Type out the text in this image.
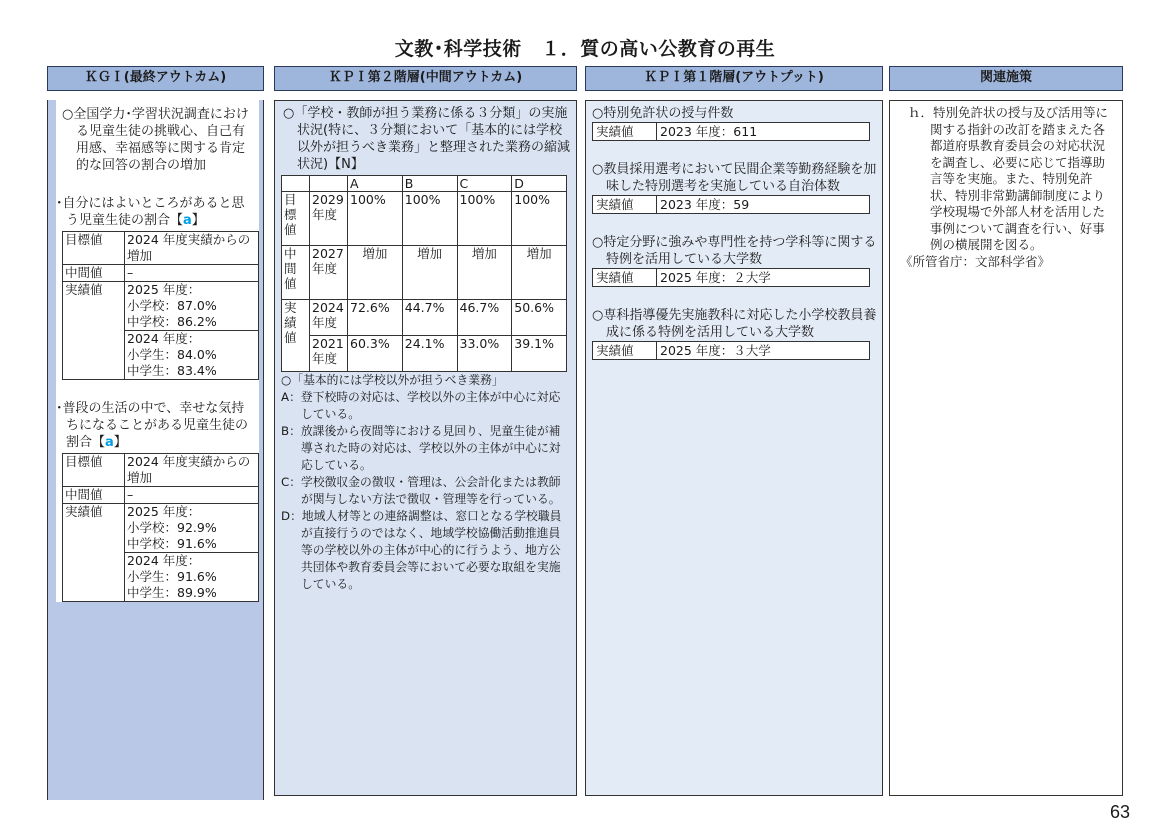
文教･科学技術　１．質の高い公教育の再生
ＫＧＩ(最終アウトカム)	ＫＰＩ第２階層(中間アウトカム)	ＫＰＩ第１階層(アウトプット)	関連施策
○全国学力･学習状況調査における児童生徒の挑戦心、自己有用感、幸福感等に関する肯定的な回答の割合の増加
･自分にはよいところがあると思う児童生徒の割合【a】
目標値	2024 年度実績からの増加
中間値	–
実績値	2025 年度：
小学校：87.0%
中学校：86.2%

	2024 年度：
小学生：84.0%
中学生：83.4%
･普段の生活の中で、幸せな気持ちになることがある児童生徒の割合【a】
目標値	2024 年度実績からの増加
中間値	–
実績値	2025 年度：
小学校：92.9%
中学校：91.6%

	2024 年度：
小学生：91.6%
中学生：89.9%
○「学校・教師が担う業務に係る３分類」の実施状況(特に、３分類において「基本的には学校以外が担うべき業務」と整理された業務の縮減状況)【N】
		A	B	C	D
目標値	2029 年度	100%	100%	100%	100%
中間値	2027 年度	増加	増加	増加	増加
実績値	2024 年度	72.6%	44.7%	46.7%	50.6%
	2021 年度	60.3%	24.1%	33.0%	39.1%
○「基本的には学校以外が担うべき業務」
A：登下校時の対応は、学校以外の主体が中心に対応している。
B：放課後から夜間等における見回り、児童生徒が補導された時の対応は、学校以外の主体が中心に対応している。
C：学校徴収金の徴収・管理は、公会計化または教師が関与しない方法で徴収・管理等を行っている。
D：地域人材等との連絡調整は、窓口となる学校職員が直接行うのではなく、地域学校協働活動推進員等の学校以外の主体が中心的に行うよう、地方公共団体や教育委員会等において必要な取組を実施している。
○特別免許状の授与件数
実績値	2023 年度：611
○教員採用選考において民間企業等勤務経験を加味した特別選考を実施している自治体数
実績値	2023 年度：59
○特定分野に強みや専門性を持つ学科等に関する特例を活用している大学数
実績値	2025 年度：２大学
○専科指導優先実施教科に対応した小学校教員養成に係る特例を活用している大学数
実績値	2025 年度：３大学
ｈ．特別免許状の授与及び活用等に関する指針の改訂を踏まえた各都道府県教育委員会の対応状況を調査し、必要に応じて指導助言等を実施。また、特別免許状、特別非常勤講師制度により学校現場で外部人材を活用した事例について調査を行い、好事例の横展開を図る。
《所管省庁：文部科学省》
63
